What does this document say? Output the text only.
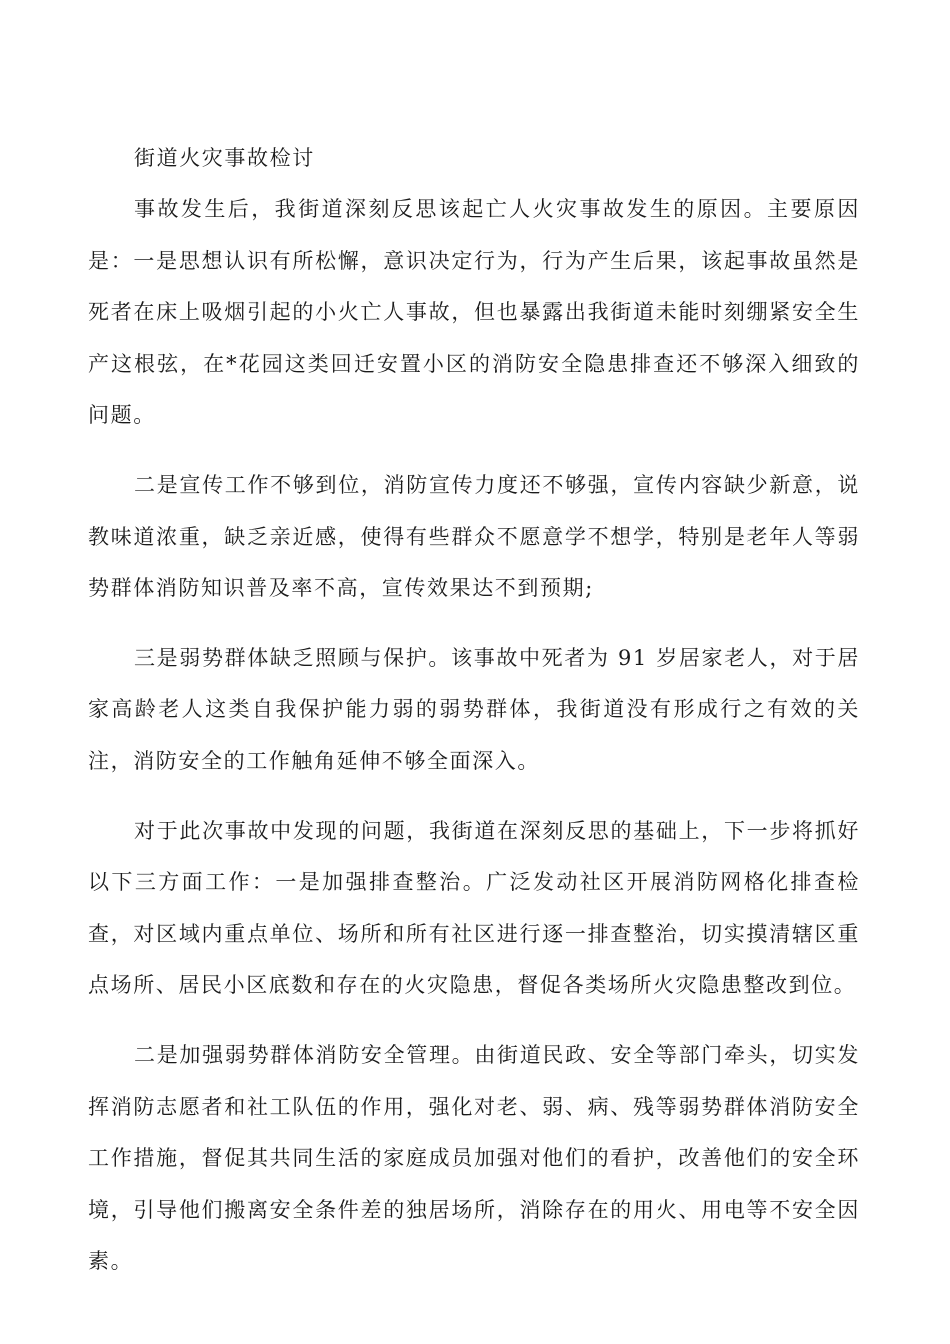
街道火灾事故检讨

事故发生后，我街道深刻反思该起亡人火灾事故发生的原因。主要原因是：一是思想认识有所松懈，意识决定行为，行为产生后果，该起事故虽然是死者在床上吸烟引起的小火亡人事故，但也暴露出我街道未能时刻绷紧安全生产这根弦，在*花园这类回迁安置小区的消防安全隐患排查还不够深入细致的问题。

二是宣传工作不够到位，消防宣传力度还不够强，宣传内容缺少新意，说教味道浓重，缺乏亲近感，使得有些群众不愿意学不想学，特别是老年人等弱势群体消防知识普及率不高，宣传效果达不到预期;

三是弱势群体缺乏照顾与保护。该事故中死者为 91 岁居家老人，对于居家高龄老人这类自我保护能力弱的弱势群体，我街道没有形成行之有效的关注，消防安全的工作触角延伸不够全面深入。

对于此次事故中发现的问题，我街道在深刻反思的基础上，下一步将抓好以下三方面工作：一是加强排查整治。广泛发动社区开展消防网格化排查检查，对区域内重点单位、场所和所有社区进行逐一排查整治，切实摸清辖区重点场所、居民小区底数和存在的火灾隐患，督促各类场所火灾隐患整改到位。

二是加强弱势群体消防安全管理。由街道民政、安全等部门牵头，切实发挥消防志愿者和社工队伍的作用，强化对老、弱、病、残等弱势群体消防安全工作措施，督促其共同生活的家庭成员加强对他们的看护，改善他们的安全环境，引导他们搬离安全条件差的独居场所，消除存在的用火、用电等不安全因素。
